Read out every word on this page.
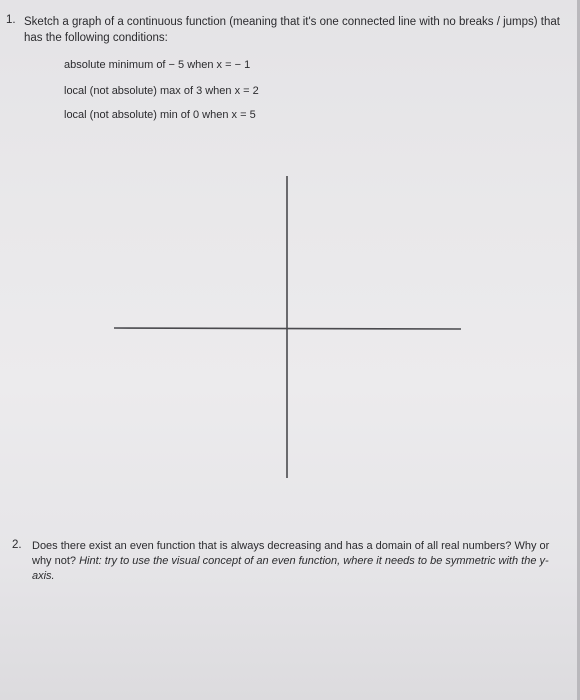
1. Sketch a graph of a continuous function (meaning that it's one connected line with no breaks / jumps) that has the following conditions:
absolute minimum of − 5 when x = − 1
local (not absolute) max of 3 when x = 2
local (not absolute) min of 0 when x = 5
2. Does there exist an even function that is always decreasing and has a domain of all real numbers? Why or why not? Hint: try to use the visual concept of an even function, where it needs to be symmetric with the y-axis.
